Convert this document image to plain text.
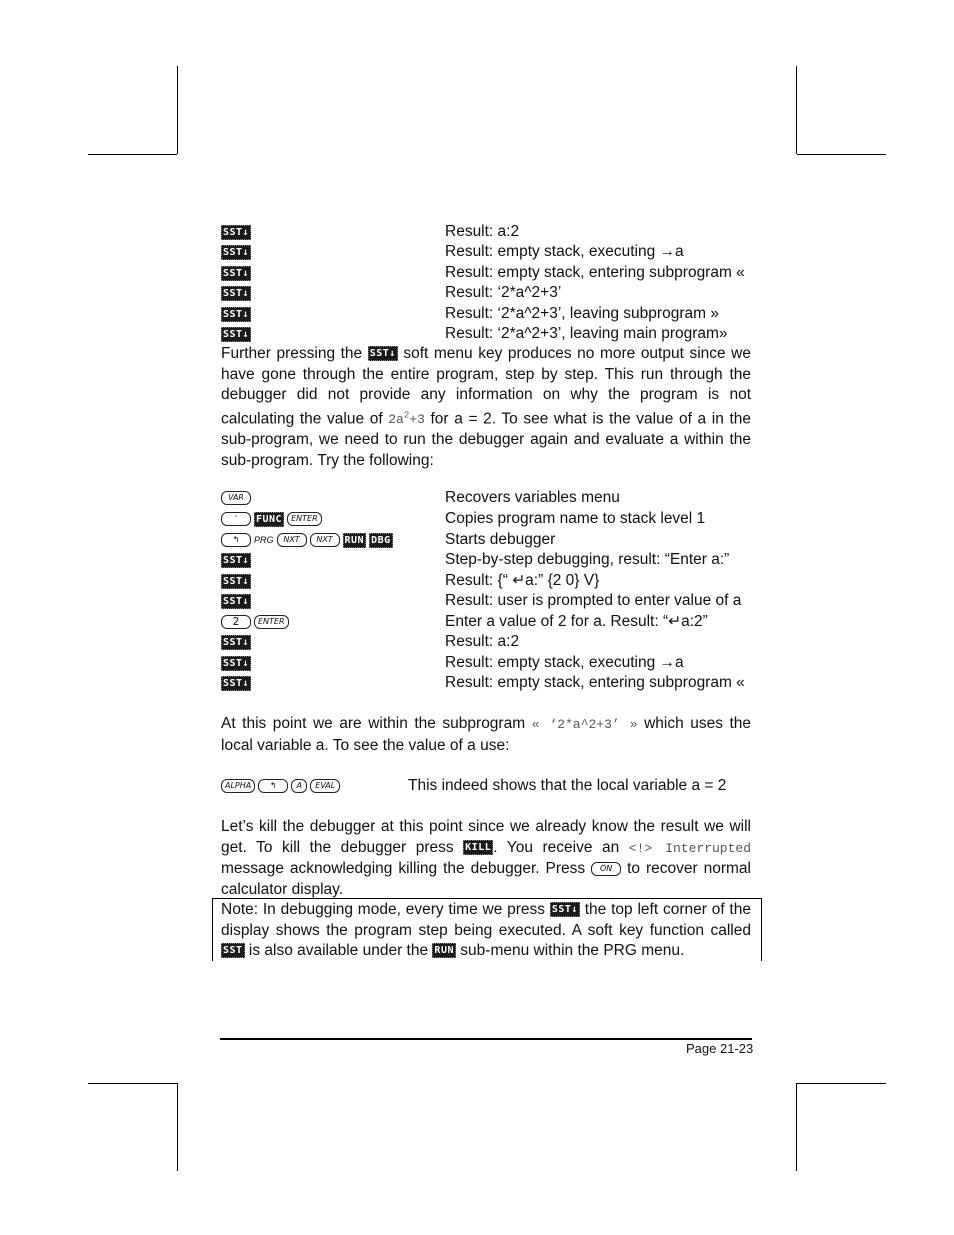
SST↓	Result: a:2
SST↓	Result: empty stack, executing →a
SST↓	Result: empty stack, entering subprogram «
SST↓	Result: ‘2*a^2+3’
SST↓	Result: ‘2*a^2+3’, leaving subprogram »
SST↓	Result: ‘2*a^2+3’, leaving main program»
Further pressing the SST↓ soft menu key produces no more output since we have gone through the entire program, step by step. This run through the debugger did not provide any information on why the program is not calculating the value of $2a^2+3$ for a = 2. To see what is the value of a in the sub-program, we need to run the debugger again and evaluate a within the sub-program. Try the following:
VAR	Recovers variables menu
'	FUNC	ENTER	Copies program name to stack level 1
↰	PRG	NXT	NXT	RUN DBG	Starts debugger
SST↓	Step-by-step debugging, result: “Enter a:”
SST↓	Result: {“ ↵a:” {2 0} V}
SST↓	Result: user is prompted to enter value of a
2	ENTER	Enter a value of 2 for a. Result: “↵a:2”
SST↓	Result: a:2
SST↓	Result: empty stack, executing →a
SST↓	Result: empty stack, entering subprogram «
At this point we are within the subprogram « ‘2*a^2+3’ » which uses the local variable a. To see the value of a use:
ALPHA	↰	A	EVAL	This indeed shows that the local variable a = 2
Let’s kill the debugger at this point since we already know the result we will get. To kill the debugger press KILL . You receive an <!> Interrupted message acknowledging killing the debugger. Press ON to recover normal calculator display.
Note: In debugging mode, every time we press SST↓ the top left corner of the display shows the program step being executed. A soft key function called SST is also available under the RUN sub-menu within the PRG menu.
Page 21-23
